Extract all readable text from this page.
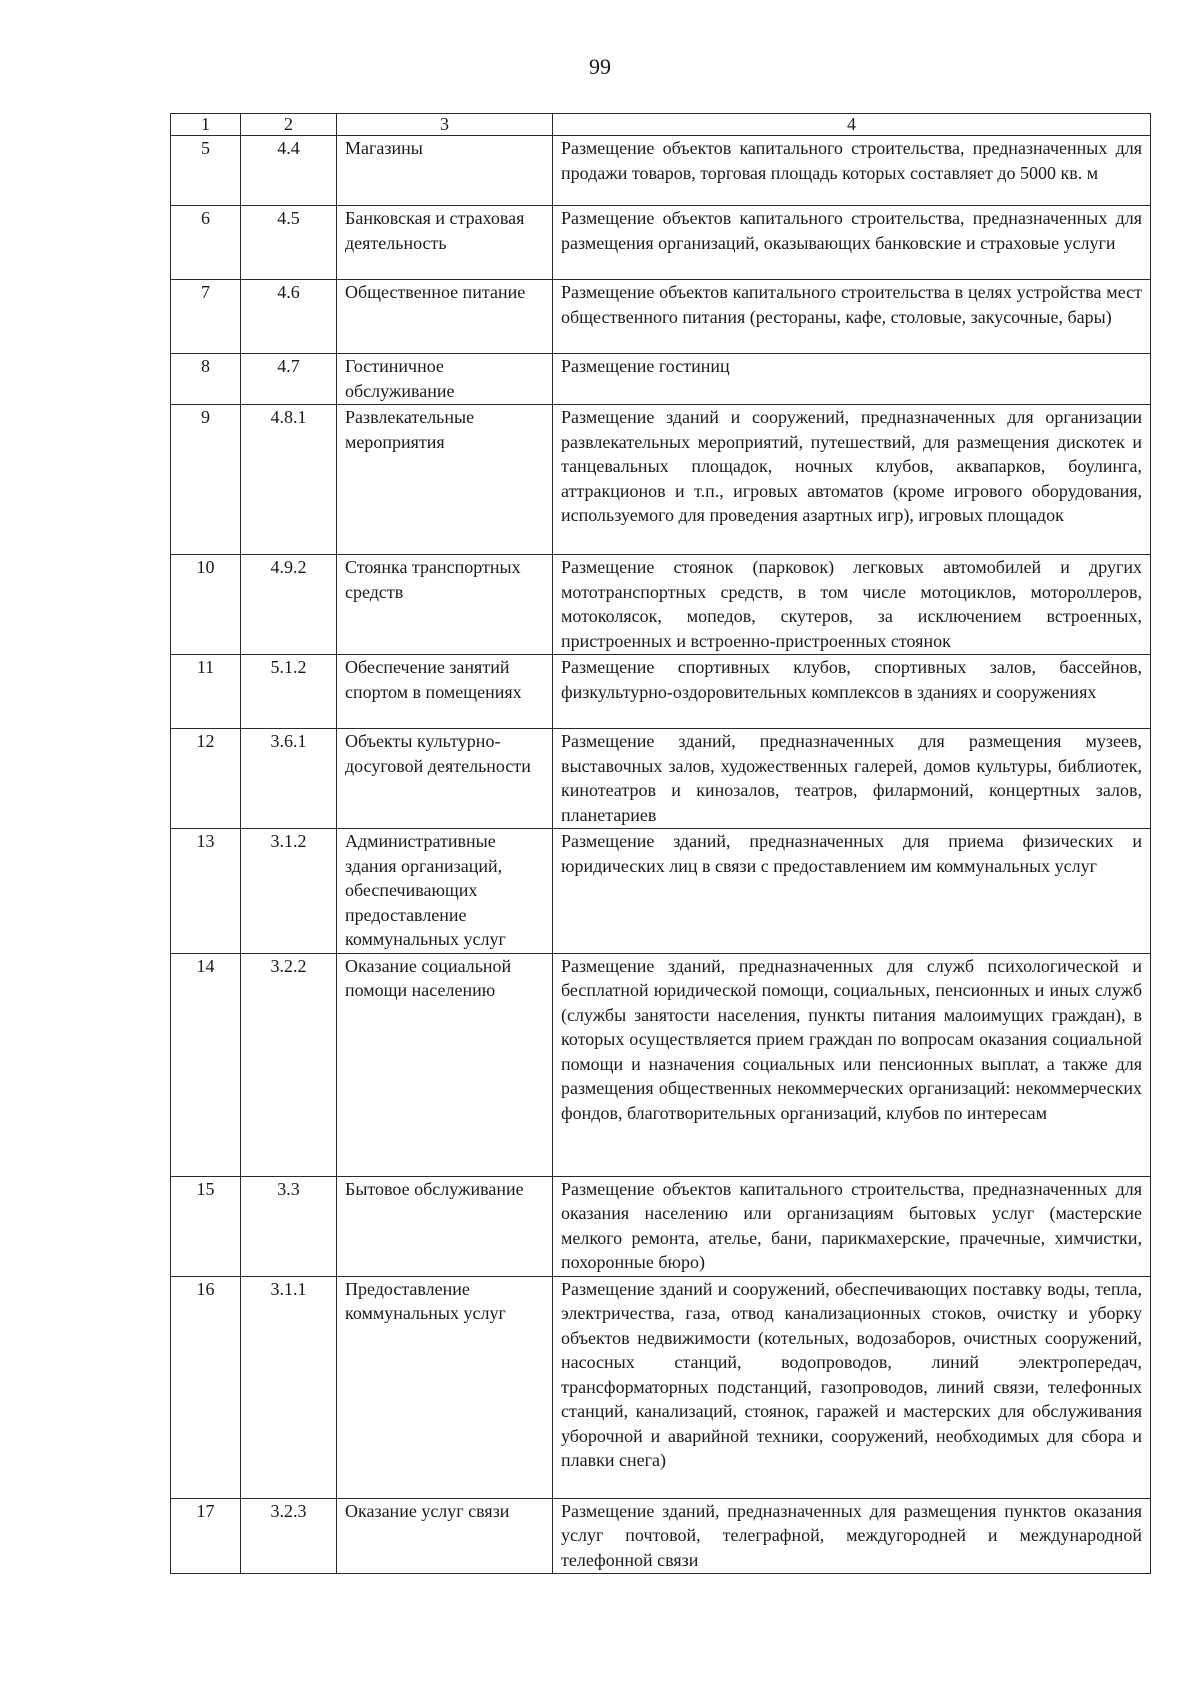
99
1	2	3	4
5	4.4	Магазины	Размещение объектов капитального строительства, предназначенных для продажи товаров, торговая площадь которых составляет до 5000 кв. м
6	4.5	Банковская и страховая деятельность	Размещение объектов капитального строительства, предназначенных для размещения организаций, оказывающих банковские и страховые услуги
7	4.6	Общественное питание	Размещение объектов капитального строительства в целях устройства мест общественного питания (рестораны, кафе, столовые, закусочные, бары)
8	4.7	Гостиничное обслуживание	Размещение гостиниц
9	4.8.1	Развлекательные мероприятия	Размещение зданий и сооружений, предназначенных для организации развлекательных мероприятий, путешествий, для размещения дискотек и танцевальных площадок, ночных клубов, аквапарков, боулинга, аттракционов и т.п., игровых автоматов (кроме игрового оборудования, используемого для проведения азартных игр), игровых площадок
10	4.9.2	Стоянка транспортных средств	Размещение стоянок (парковок) легковых автомобилей и других мототранспортных средств, в том числе мотоциклов, мотороллеров, мотоколясок, мопедов, скутеров, за исключением встроенных, пристроенных и встроенно-пристроенных стоянок
11	5.1.2	Обеспечение занятий спортом в помещениях	Размещение спортивных клубов, спортивных залов, бассейнов, физкультурно-оздоровительных комплексов в зданиях и сооружениях
12	3.6.1	Объекты культурно-досуговой деятельности	Размещение зданий, предназначенных для размещения музеев, выставочных залов, художественных галерей, домов культуры, библиотек, кинотеатров и кинозалов, театров, филармоний, концертных залов, планетариев
13	3.1.2	Административные здания организаций, обеспечивающих предоставление коммунальных услуг	Размещение зданий, предназначенных для приема физических и юридических лиц в связи с предоставлением им коммунальных услуг
14	3.2.2	Оказание социальной помощи населению	Размещение зданий, предназначенных для служб психологической и бесплатной юридической помощи, социальных, пенсионных и иных служб (службы занятости населения, пункты питания малоимущих граждан), в которых осуществляется прием граждан по вопросам оказания социальной помощи и назначения социальных или пенсионных выплат, а также для размещения общественных некоммерческих организаций: некоммерческих фондов, благотворительных организаций, клубов по интересам
15	3.3	Бытовое обслуживание	Размещение объектов капитального строительства, предназначенных для оказания населению или организациям бытовых услуг (мастерские мелкого ремонта, ателье, бани, парикмахерские, прачечные, химчистки, похоронные бюро)
16	3.1.1	Предоставление коммунальных услуг	Размещение зданий и сооружений, обеспечивающих поставку воды, тепла, электричества, газа, отвод канализационных стоков, очистку и уборку объектов недвижимости (котельных, водозаборов, очистных сооружений, насосных станций, водопроводов, линий электропередач, трансформаторных подстанций, газопроводов, линий связи, телефонных станций, канализаций, стоянок, гаражей и мастерских для обслуживания уборочной и аварийной техники, сооружений, необходимых для сбора и плавки снега)
17	3.2.3	Оказание услуг связи	Размещение зданий, предназначенных для размещения пунктов оказания услуг почтовой, телеграфной, междугородней и международной телефонной связи
